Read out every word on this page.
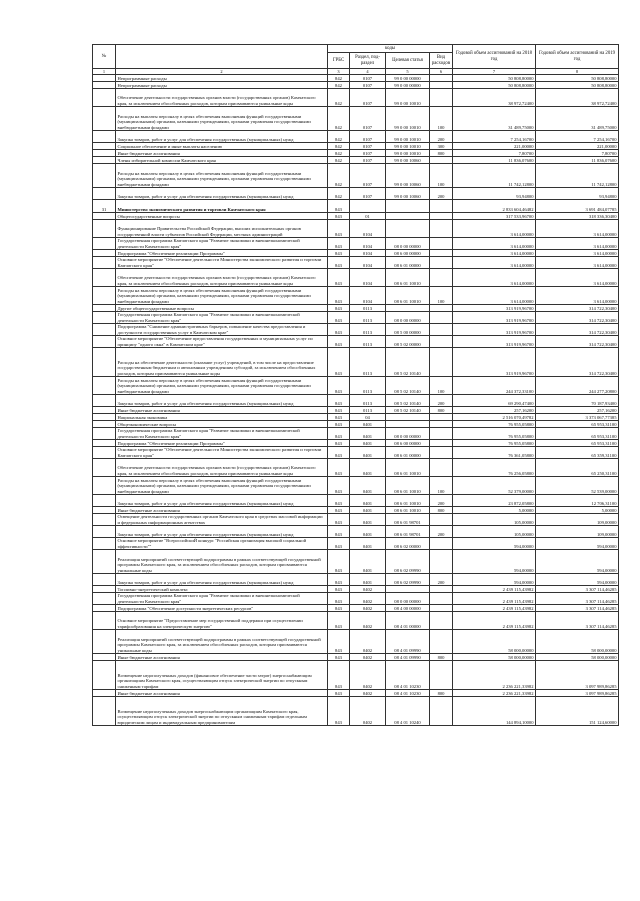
№		коды				Годовой объем ассигнований на 2018 год	Годовой объем ассигнований на 2019 год
		ГРБС	Раздел, под-раздел	Целевая статья	Вид расходов		
1	2	3	4	5	6	7	8
	Непрограммные расходы	842	0107	99 0 00 00000		50 808,80000	50 808,80000
	Непрограммные расходы	842	0107	99 0 00 00000		50 808,80000	50 808,80000
	Обеспечение деятельности государственных органов власти (государственных органов) Камчатского края, за исключением обособленных расходов, которым присваиваются уникальные коды	842	0107	99 0 00 10010		38 972,72400	38 972,72400
	Расходы на выплаты персоналу в целях обеспечения выполнения функций государственными (муниципальными) органами, казенными учреждениями, органами управления государственными внебюджетными фондами	842	0107	99 0 00 10010	100	31 489,75000	31 489,75000
	Закупка товаров, работ и услуг для обеспечения государственных (муниципальных) нужд	842	0107	99 0 00 10010	200	7 254,16700	7 254,16700
	Социальное обеспечение и иные выплаты населению	842	0107	99 0 00 10010	300	221,00000	221,00000
	Иные бюджетные ассигнования	842	0107	99 0 00 10010	800	7,80700	7,80700
	Члены избирательной комиссии Камчатского края	842	0107	99 0 00 10060		11 836,07600	11 836,07600
	Расходы на выплаты персоналу в целях обеспечения выполнения функций государственными (муниципальными) органами, казенными учреждениями, органами управления государственными внебюджетными фондами	842	0107	99 0 00 10060	100	11 742,12800	11 742,12800
	Закупка товаров, работ и услуг для обеспечения государственных (муниципальных) нужд	842	0107	99 0 00 10060	200	93,94800	93,94800
31	Министерство экономического развития и торговли Камчатского края	843				2 833 604,46482	3 691 484,07785
	Общегосударственные вопросы	843	01			317 533,96700	318 336,30400
	Функционирование Правительства Российской Федерации, высших исполнительных органов государственной власти субъектов Российской Федерации, местных администраций	843	0104			3 614,00000	3 614,00000
	Государственная программа Камчатского края "Развитие экономики и внешнеэкономической деятельности Камчатского края"	843	0104	08 0 00 00000		3 614,00000	3 614,00000
	Подпрограмма "Обеспечение реализации Программы"	843	0104	08 6 00 00000		3 614,00000	3 614,00000
	Основное мероприятие "Обеспечение деятельности Министерства экономического развития и торговли Камчатского края"	843	0104	08 6 01 00000		3 614,00000	3 614,00000
	Обеспечение деятельности государственных органов власти (государственных органов) Камчатского края, за исключением обособленных расходов, которым присваиваются уникальные коды	843	0104	08 6 01 10010		3 614,00000	3 614,00000
	Расходы на выплаты персоналу в целях обеспечения выполнения функций государственными (муниципальными) органами, казенными учреждениями, органами управления государственными внебюджетными фондами	843	0104	08 6 01 10010	100	3 614,00000	3 614,00000
	Другие общегосударственные вопросы	843	0113			313 919,96700	314 722,30400
	Государственная программа Камчатского края "Развитие экономики и внешнеэкономической деятельности Камчатского края"	843	0113	08 0 00 00000		313 919,96700	314 722,30400
	Подпрограмма "Снижение административных барьеров, повышение качества предоставления и доступности государственных услуг в Камчатском крае"	843	0113	08 5 00 00000		313 919,96700	314 722,30400
	Основное мероприятие "Обеспечение предоставления государственных и муниципальных услуг по принципу "одного окна" в Камчатском крае"	843	0113	08 5 02 00000		313 919,96700	314 722,30400
	Расходы на обеспечение деятельности (оказание услуг) учреждений, в том числе на предоставление государственным бюджетным и автономным учреждениям субсидий, за исключением обособленных расходов, которым присваиваются уникальные коды	843	0113	08 5 02 10140		313 919,96700	314 722,30400
	Расходы на выплаты персоналу в целях обеспечения выполнения функций государственными (муниципальными) органами, казенными учреждениями, органами управления государственными внебюджетными фондами	843	0113	08 5 02 10140	100	244 372,33100	244 277,20800
	Закупка товаров, работ и услуг для обеспечения государственных (муниципальных) нужд	843	0113	08 5 02 10140	200	69 290,47400	70 187,93400
	Иные бюджетные ассигнования	843	0113	08 5 02 10140	800	257,16200	257,16200
	Национальная экономика	843	04			2 516 070,49782	3 373 067,77385
	Общеэкономические вопросы	843	0401			76 955,05800	65 953,31100
	Государственная программа Камчатского края "Развитие экономики и внешнеэкономической деятельности Камчатского края"	843	0401	08 0 00 00000		76 955,05800	65 953,31100
	Подпрограмма "Обеспечение реализации Программы"	843	0401	08 6 00 00000		76 955,05800	65 953,31100
	Основное мероприятие "Обеспечение деятельности Министерства экономического развития и торговли Камчатского края"	843	0401	08 6 01 00000		76 361,05800	65 359,31100
	Обеспечение деятельности государственных органов власти (государственных органов) Камчатского края, за исключением обособленных расходов, которым присваиваются уникальные коды	843	0401	08 6 01 10010		76 256,05800	65 250,31100
	Расходы на выплаты персоналу в целях обеспечения выполнения функций государственными (муниципальными) органами, казенными учреждениями, органами управления государственными внебюджетными фондами	843	0401	08 6 01 10010	100	52 379,00000	52 539,00000
	Закупка товаров, работ и услуг для обеспечения государственных (муниципальных) нужд	843	0401	08 6 01 10010	200	23 872,05800	12 706,31100
	Иные бюджетные ассигнования	843	0401	08 6 01 10010	800	5,00000	5,00000
	Освещение деятельности государственных органов Камчатского края в средствах массовой информации и федеральных информационных агентствах	843	0401	08 6 01 98701		105,00000	109,00000
	Закупка товаров, работ и услуг для обеспечения государственных (муниципальных) нужд	843	0401	08 6 01 98701	200	105,00000	109,00000
	Основное мероприятие "ВсероссийскиЙ конкурс "Российская организация высокой социальной эффективности""	843	0401	08 6 02 00000		594,00000	594,00000
	Реализация мероприятий соответствующей подпрограммы в рамках соответствующей государственной программы Камчатского края, за исключением обособленных расходов, которым присваиваются уникальные коды	843	0401	08 6 02 09990		594,00000	594,00000
	Закупка товаров, работ и услуг для обеспечения государственных (муниципальных) нужд	843	0401	08 6 02 09990	200	594,00000	594,00000
	Топливно-энергетический комплекс	843	0402			2 439 115,43982	3 307 114,46285
	Государственная программа Камчатского края "Развитие экономики и внешнеэкономической деятельности Камчатского края"	843	0402	08 0 00 00000		2 439 115,43982	3 307 114,46285
	Подпрограмма "Обеспечение доступности энергетических ресурсов"	843	0402	08 4 00 00000		2 439 115,43982	3 307 114,46285
	Основное мероприятие "Предоставление мер государственной поддержки при осуществлении тарифообразования на электрическую энергию"	843	0402	08 4 01 00000		2 439 115,43982	3 307 114,46285
	Реализация мероприятий соответствующей подпрограммы в рамках соответствующей государственной программы Камчатского края, за исключением обособленных расходов, которым присваиваются уникальные коды	843	0402	08 4 01 09990		58 000,00000	58 000,00000
	Иные бюджетные ассигнования	843	0402	08 4 01 09990	800	58 000,00000	58 000,00000
	Возмещение недополученных доходов (финансовое обеспечение части затрат) энергоснабжающим организациям Камчатского края, осуществляющим отпуск электрической энергии по отпускным сниженным тарифам	843	0402	08 4 01 10230		2 236 221,33982	3 097 989,86285
	Иные бюджетные ассигнования	843	0402	08 4 01 10230	800	2 236 221,33982	3 097 989,86285
	Возмещение недополученных доходов энергоснабжающим организациям Камчатского края, осуществляющим отпуск электрической энергии по отпускным сниженным тарифам отдельным юридическим лицам и индивидуальным предпринимателям	843	0402	08 4 01 10240		144 894,10000	151 124,60000
